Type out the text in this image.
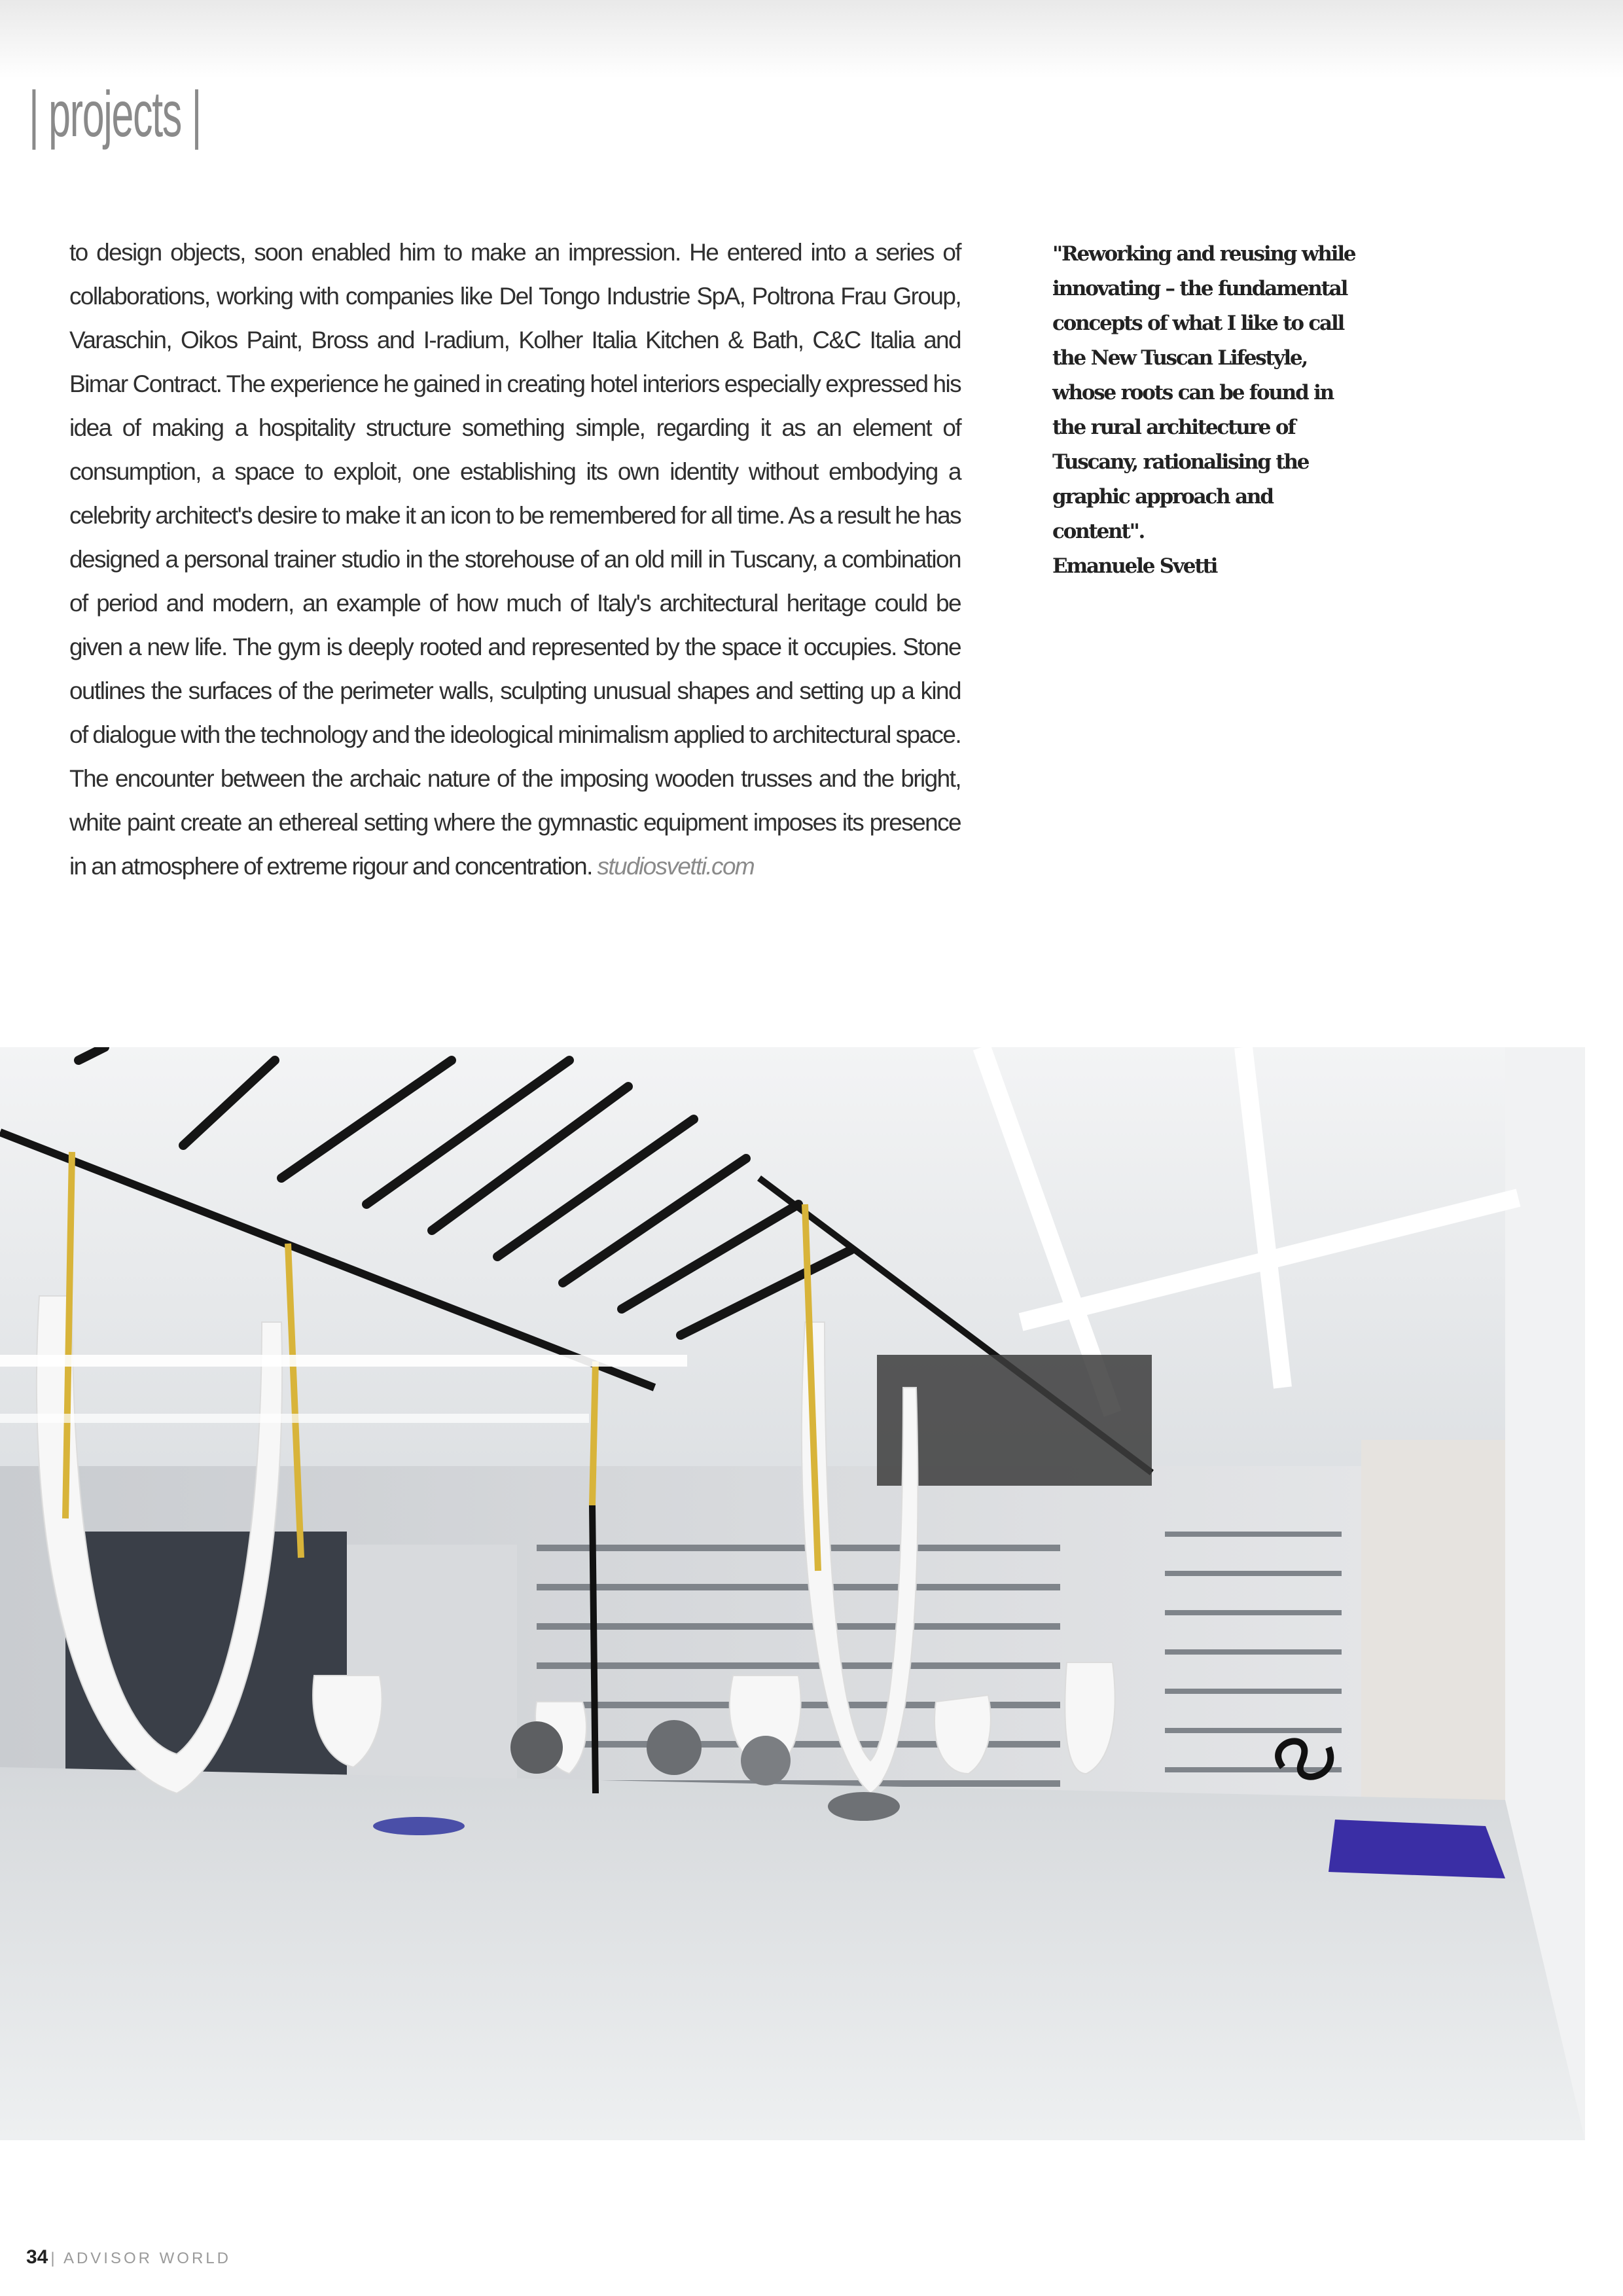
| projects |

to design objects, soon enabled him to make an impression. He entered into a series of collaborations, working with companies like Del Tongo Industrie SpA, Poltrona Frau Group, Varaschin, Oikos Paint, Bross and I-radium, Kolher Italia Kitchen & Bath, C&C Italia and Bimar Contract. The experience he gained in creating hotel interiors especially expressed his idea of making a hospitality structure something simple, regarding it as an element of consumption, a space to exploit, one establishing its own identity without embodying a celebrity architect's desire to make it an icon to be remembered for all time. As a result he has designed a personal trainer studio in the storehouse of an old mill in Tuscany, a combination of period and modern, an example of how much of Italy's architectural heritage could be given a new life. The gym is deeply rooted and represented by the space it occupies. Stone outlines the surfaces of the perimeter walls, sculpting unusual shapes and setting up a kind of dialogue with the technology and the ideological minimalism applied to architectural space. The encounter between the archaic nature of the imposing wooden trusses and the bright, white paint create an ethereal setting where the gymnastic equipment imposes its presence in an atmosphere of extreme rigour and concentration. studiosvetti.com

"Reworking and reusing while innovating – the fundamental concepts of what I like to call the New Tuscan Lifestyle, whose roots can be found in the rural architecture of Tuscany, rationalising the graphic approach and content".
Emanuele Svetti

34 | ADVISOR WORLD
